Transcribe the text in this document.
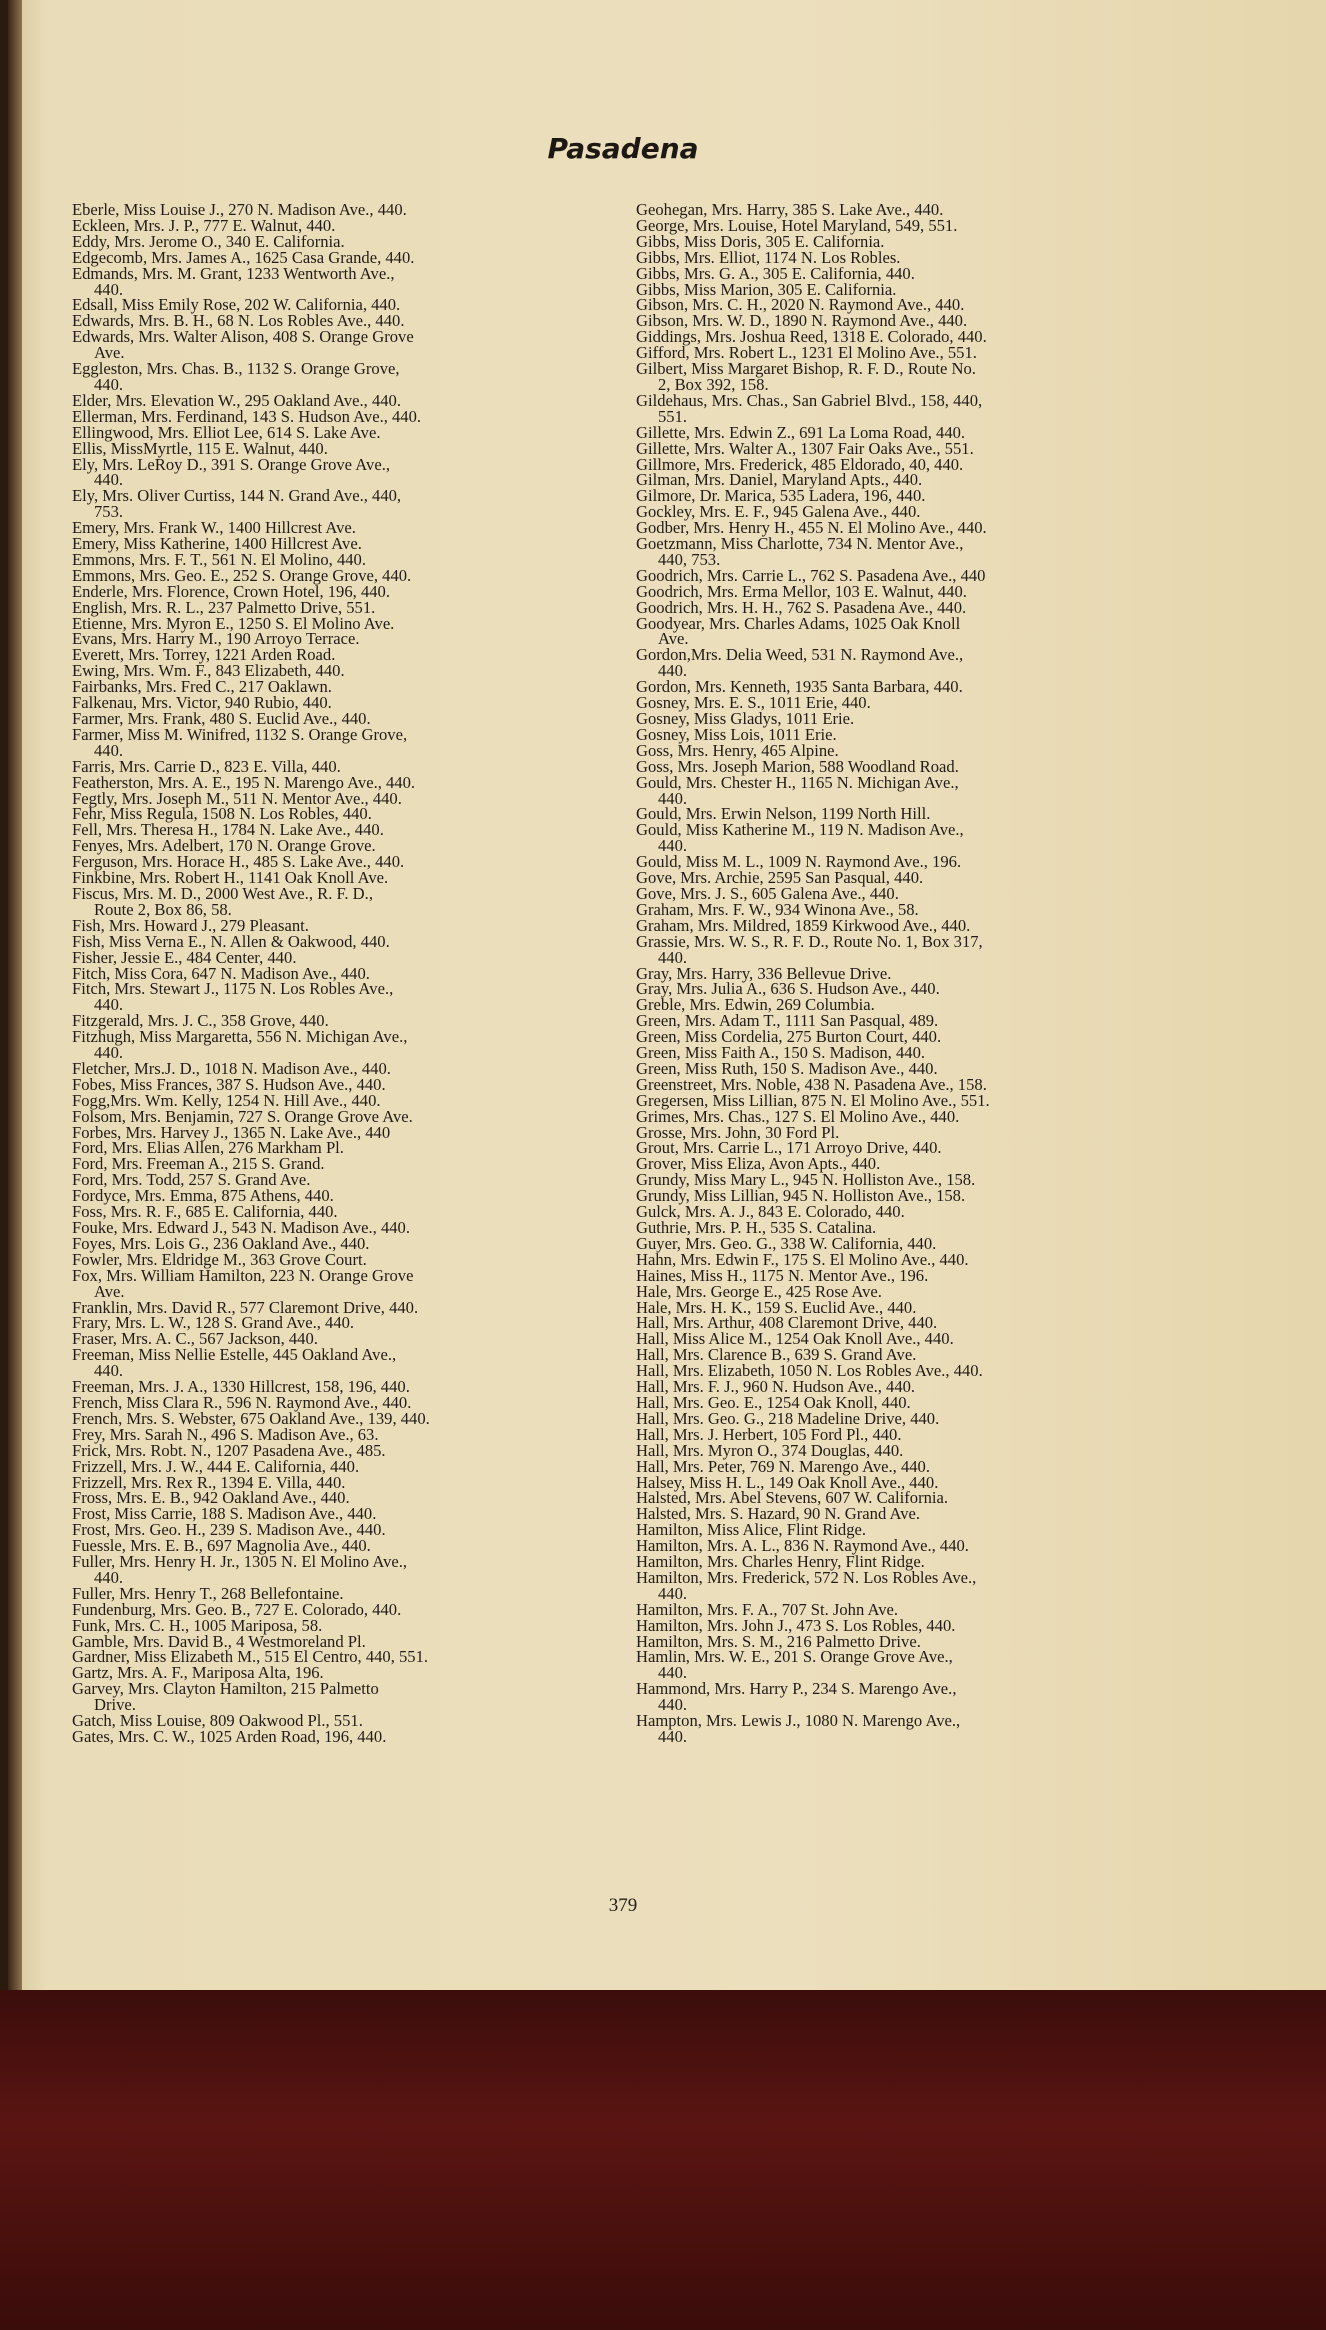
Pasadena
Eberle, Miss Louise J., 270 N. Madison Ave., 440.
Eckleen, Mrs. J. P., 777 E. Walnut, 440.
Eddy, Mrs. Jerome O., 340 E. California.
Edgecomb, Mrs. James A., 1625 Casa Grande, 440.
Edmands, Mrs. M. Grant, 1233 Wentworth Ave.,
440.
Edsall, Miss Emily Rose, 202 W. California, 440.
Edwards, Mrs. B. H., 68 N. Los Robles Ave., 440.
Edwards, Mrs. Walter Alison, 408 S. Orange Grove
Ave.
Eggleston, Mrs. Chas. B., 1132 S. Orange Grove,
440.
Elder, Mrs. Elevation W., 295 Oakland Ave., 440.
Ellerman, Mrs. Ferdinand, 143 S. Hudson Ave., 440.
Ellingwood, Mrs. Elliot Lee, 614 S. Lake Ave.
Ellis, MissMyrtle, 115 E. Walnut, 440.
Ely, Mrs. LeRoy D., 391 S. Orange Grove Ave.,
440.
Ely, Mrs. Oliver Curtiss, 144 N. Grand Ave., 440,
753.
Emery, Mrs. Frank W., 1400 Hillcrest Ave.
Emery, Miss Katherine, 1400 Hillcrest Ave.
Emmons, Mrs. F. T., 561 N. El Molino, 440.
Emmons, Mrs. Geo. E., 252 S. Orange Grove, 440.
Enderle, Mrs. Florence, Crown Hotel, 196, 440.
English, Mrs. R. L., 237 Palmetto Drive, 551.
Etienne, Mrs. Myron E., 1250 S. El Molino Ave.
Evans, Mrs. Harry M., 190 Arroyo Terrace.
Everett, Mrs. Torrey, 1221 Arden Road.
Ewing, Mrs. Wm. F., 843 Elizabeth, 440.
Fairbanks, Mrs. Fred C., 217 Oaklawn.
Falkenau, Mrs. Victor, 940 Rubio, 440.
Farmer, Mrs. Frank, 480 S. Euclid Ave., 440.
Farmer, Miss M. Winifred, 1132 S. Orange Grove,
440.
Farris, Mrs. Carrie D., 823 E. Villa, 440.
Featherston, Mrs. A. E., 195 N. Marengo Ave., 440.
Fegtly, Mrs. Joseph M., 511 N. Mentor Ave., 440.
Fehr, Miss Regula, 1508 N. Los Robles, 440.
Fell, Mrs. Theresa H., 1784 N. Lake Ave., 440.
Fenyes, Mrs. Adelbert, 170 N. Orange Grove.
Ferguson, Mrs. Horace H., 485 S. Lake Ave., 440.
Finkbine, Mrs. Robert H., 1141 Oak Knoll Ave.
Fiscus, Mrs. M. D., 2000 West Ave., R. F. D.,
Route 2, Box 86, 58.
Fish, Mrs. Howard J., 279 Pleasant.
Fish, Miss Verna E., N. Allen & Oakwood, 440.
Fisher, Jessie E., 484 Center, 440.
Fitch, Miss Cora, 647 N. Madison Ave., 440.
Fitch, Mrs. Stewart J., 1175 N. Los Robles Ave.,
440.
Fitzgerald, Mrs. J. C., 358 Grove, 440.
Fitzhugh, Miss Margaretta, 556 N. Michigan Ave.,
440.
Fletcher, Mrs.J. D., 1018 N. Madison Ave., 440.
Fobes, Miss Frances, 387 S. Hudson Ave., 440.
Fogg,Mrs. Wm. Kelly, 1254 N. Hill Ave., 440.
Folsom, Mrs. Benjamin, 727 S. Orange Grove Ave.
Forbes, Mrs. Harvey J., 1365 N. Lake Ave., 440
Ford, Mrs. Elias Allen, 276 Markham Pl.
Ford, Mrs. Freeman A., 215 S. Grand.
Ford, Mrs. Todd, 257 S. Grand Ave.
Fordyce, Mrs. Emma, 875 Athens, 440.
Foss, Mrs. R. F., 685 E. California, 440.
Fouke, Mrs. Edward J., 543 N. Madison Ave., 440.
Foyes, Mrs. Lois G., 236 Oakland Ave., 440.
Fowler, Mrs. Eldridge M., 363 Grove Court.
Fox, Mrs. William Hamilton, 223 N. Orange Grove
Ave.
Franklin, Mrs. David R., 577 Claremont Drive, 440.
Frary, Mrs. L. W., 128 S. Grand Ave., 440.
Fraser, Mrs. A. C., 567 Jackson, 440.
Freeman, Miss Nellie Estelle, 445 Oakland Ave.,
440.
Freeman, Mrs. J. A., 1330 Hillcrest, 158, 196, 440.
French, Miss Clara R., 596 N. Raymond Ave., 440.
French, Mrs. S. Webster, 675 Oakland Ave., 139, 440.
Frey, Mrs. Sarah N., 496 S. Madison Ave., 63.
Frick, Mrs. Robt. N., 1207 Pasadena Ave., 485.
Frizzell, Mrs. J. W., 444 E. California, 440.
Frizzell, Mrs. Rex R., 1394 E. Villa, 440.
Fross, Mrs. E. B., 942 Oakland Ave., 440.
Frost, Miss Carrie, 188 S. Madison Ave., 440.
Frost, Mrs. Geo. H., 239 S. Madison Ave., 440.
Fuessle, Mrs. E. B., 697 Magnolia Ave., 440.
Fuller, Mrs. Henry H. Jr., 1305 N. El Molino Ave.,
440.
Fuller, Mrs. Henry T., 268 Bellefontaine.
Fundenburg, Mrs. Geo. B., 727 E. Colorado, 440.
Funk, Mrs. C. H., 1005 Mariposa, 58.
Gamble, Mrs. David B., 4 Westmoreland Pl.
Gardner, Miss Elizabeth M., 515 El Centro, 440, 551.
Gartz, Mrs. A. F., Mariposa Alta, 196.
Garvey, Mrs. Clayton Hamilton, 215 Palmetto
Drive.
Gatch, Miss Louise, 809 Oakwood Pl., 551.
Gates, Mrs. C. W., 1025 Arden Road, 196, 440.
Geohegan, Mrs. Harry, 385 S. Lake Ave., 440.
George, Mrs. Louise, Hotel Maryland, 549, 551.
Gibbs, Miss Doris, 305 E. California.
Gibbs, Mrs. Elliot, 1174 N. Los Robles.
Gibbs, Mrs. G. A., 305 E. California, 440.
Gibbs, Miss Marion, 305 E. California.
Gibson, Mrs. C. H., 2020 N. Raymond Ave., 440.
Gibson, Mrs. W. D., 1890 N. Raymond Ave., 440.
Giddings, Mrs. Joshua Reed, 1318 E. Colorado, 440.
Gifford, Mrs. Robert L., 1231 El Molino Ave., 551.
Gilbert, Miss Margaret Bishop, R. F. D., Route No.
2, Box 392, 158.
Gildehaus, Mrs. Chas., San Gabriel Blvd., 158, 440,
551.
Gillette, Mrs. Edwin Z., 691 La Loma Road, 440.
Gillette, Mrs. Walter A., 1307 Fair Oaks Ave., 551.
Gillmore, Mrs. Frederick, 485 Eldorado, 40, 440.
Gilman, Mrs. Daniel, Maryland Apts., 440.
Gilmore, Dr. Marica, 535 Ladera, 196, 440.
Gockley, Mrs. E. F., 945 Galena Ave., 440.
Godber, Mrs. Henry H., 455 N. El Molino Ave., 440.
Goetzmann, Miss Charlotte, 734 N. Mentor Ave.,
440, 753.
Goodrich, Mrs. Carrie L., 762 S. Pasadena Ave., 440
Goodrich, Mrs. Erma Mellor, 103 E. Walnut, 440.
Goodrich, Mrs. H. H., 762 S. Pasadena Ave., 440.
Goodyear, Mrs. Charles Adams, 1025 Oak Knoll
Ave.
Gordon,Mrs. Delia Weed, 531 N. Raymond Ave.,
440.
Gordon, Mrs. Kenneth, 1935 Santa Barbara, 440.
Gosney, Mrs. E. S., 1011 Erie, 440.
Gosney, Miss Gladys, 1011 Erie.
Gosney, Miss Lois, 1011 Erie.
Goss, Mrs. Henry, 465 Alpine.
Goss, Mrs. Joseph Marion, 588 Woodland Road.
Gould, Mrs. Chester H., 1165 N. Michigan Ave.,
440.
Gould, Mrs. Erwin Nelson, 1199 North Hill.
Gould, Miss Katherine M., 119 N. Madison Ave.,
440.
Gould, Miss M. L., 1009 N. Raymond Ave., 196.
Gove, Mrs. Archie, 2595 San Pasqual, 440.
Gove, Mrs. J. S., 605 Galena Ave., 440.
Graham, Mrs. F. W., 934 Winona Ave., 58.
Graham, Mrs. Mildred, 1859 Kirkwood Ave., 440.
Grassie, Mrs. W. S., R. F. D., Route No. 1, Box 317,
440.
Gray, Mrs. Harry, 336 Bellevue Drive.
Gray, Mrs. Julia A., 636 S. Hudson Ave., 440.
Greble, Mrs. Edwin, 269 Columbia.
Green, Mrs. Adam T., 1111 San Pasqual, 489.
Green, Miss Cordelia, 275 Burton Court, 440.
Green, Miss Faith A., 150 S. Madison, 440.
Green, Miss Ruth, 150 S. Madison Ave., 440.
Greenstreet, Mrs. Noble, 438 N. Pasadena Ave., 158.
Gregersen, Miss Lillian, 875 N. El Molino Ave., 551.
Grimes, Mrs. Chas., 127 S. El Molino Ave., 440.
Grosse, Mrs. John, 30 Ford Pl.
Grout, Mrs. Carrie L., 171 Arroyo Drive, 440.
Grover, Miss Eliza, Avon Apts., 440.
Grundy, Miss Mary L., 945 N. Holliston Ave., 158.
Grundy, Miss Lillian, 945 N. Holliston Ave., 158.
Gulck, Mrs. A. J., 843 E. Colorado, 440.
Guthrie, Mrs. P. H., 535 S. Catalina.
Guyer, Mrs. Geo. G., 338 W. California, 440.
Hahn, Mrs. Edwin F., 175 S. El Molino Ave., 440.
Haines, Miss H., 1175 N. Mentor Ave., 196.
Hale, Mrs. George E., 425 Rose Ave.
Hale, Mrs. H. K., 159 S. Euclid Ave., 440.
Hall, Mrs. Arthur, 408 Claremont Drive, 440.
Hall, Miss Alice M., 1254 Oak Knoll Ave., 440.
Hall, Mrs. Clarence B., 639 S. Grand Ave.
Hall, Mrs. Elizabeth, 1050 N. Los Robles Ave., 440.
Hall, Mrs. F. J., 960 N. Hudson Ave., 440.
Hall, Mrs. Geo. E., 1254 Oak Knoll, 440.
Hall, Mrs. Geo. G., 218 Madeline Drive, 440.
Hall, Mrs. J. Herbert, 105 Ford Pl., 440.
Hall, Mrs. Myron O., 374 Douglas, 440.
Hall, Mrs. Peter, 769 N. Marengo Ave., 440.
Halsey, Miss H. L., 149 Oak Knoll Ave., 440.
Halsted, Mrs. Abel Stevens, 607 W. California.
Halsted, Mrs. S. Hazard, 90 N. Grand Ave.
Hamilton, Miss Alice, Flint Ridge.
Hamilton, Mrs. A. L., 836 N. Raymond Ave., 440.
Hamilton, Mrs. Charles Henry, Flint Ridge.
Hamilton, Mrs. Frederick, 572 N. Los Robles Ave.,
440.
Hamilton, Mrs. F. A., 707 St. John Ave.
Hamilton, Mrs. John J., 473 S. Los Robles, 440.
Hamilton, Mrs. S. M., 216 Palmetto Drive.
Hamlin, Mrs. W. E., 201 S. Orange Grove Ave.,
440.
Hammond, Mrs. Harry P., 234 S. Marengo Ave.,
440.
Hampton, Mrs. Lewis J., 1080 N. Marengo Ave.,
440.
379
